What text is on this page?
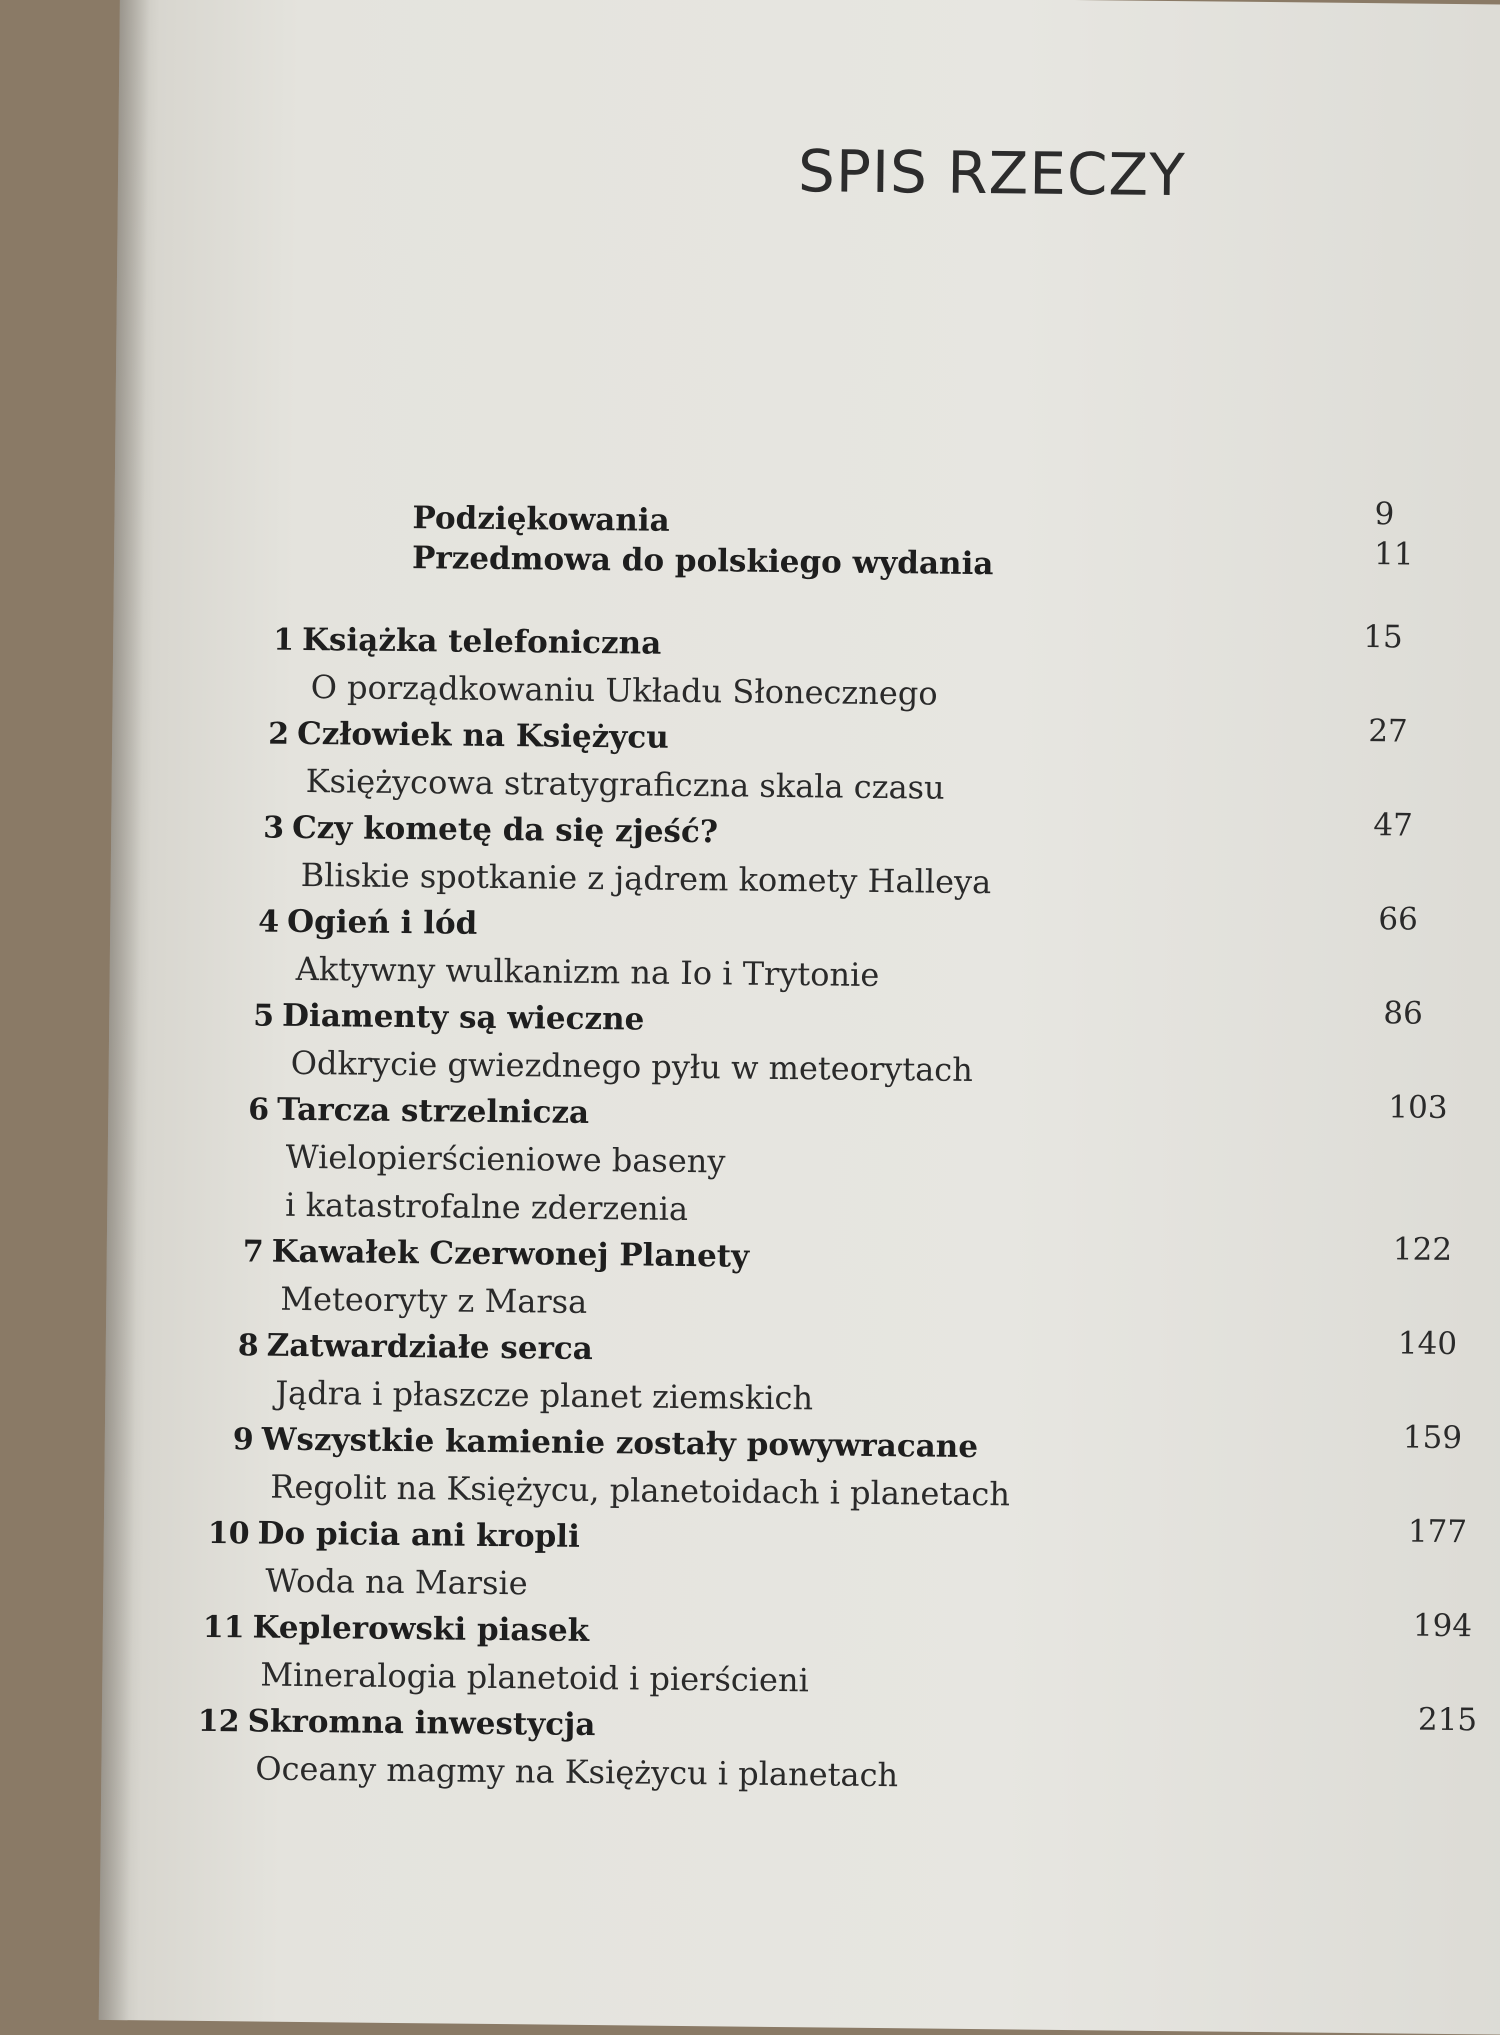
SPIS RZECZY
Podziękowania	9
Przedmowa do polskiego wydania	11
1 Książka telefoniczna	15
O porządkowaniu Układu Słonecznego
2 Człowiek na Księżycu	27
Księżycowa stratygraficzna skala czasu
3 Czy kometę da się zjeść?	47
Bliskie spotkanie z jądrem komety Halleya
4 Ogień i lód	66
Aktywny wulkanizm na Io i Trytonie
5 Diamenty są wieczne	86
Odkrycie gwiezdnego pyłu w meteorytach
6 Tarcza strzelnicza	103
Wielopierścieniowe baseny
i katastrofalne zderzenia
7 Kawałek Czerwonej Planety	122
Meteoryty z Marsa
8 Zatwardziałe serca	140
Jądra i płaszcze planet ziemskich
9 Wszystkie kamienie zostały powywracane	159
Regolit na Księżycu, planetoidach i planetach
10 Do picia ani kropli	177
Woda na Marsie
11 Keplerowski piasek	194
Mineralogia planetoid i pierścieni
12 Skromna inwestycja	215
Oceany magmy na Księżycu i planetach
